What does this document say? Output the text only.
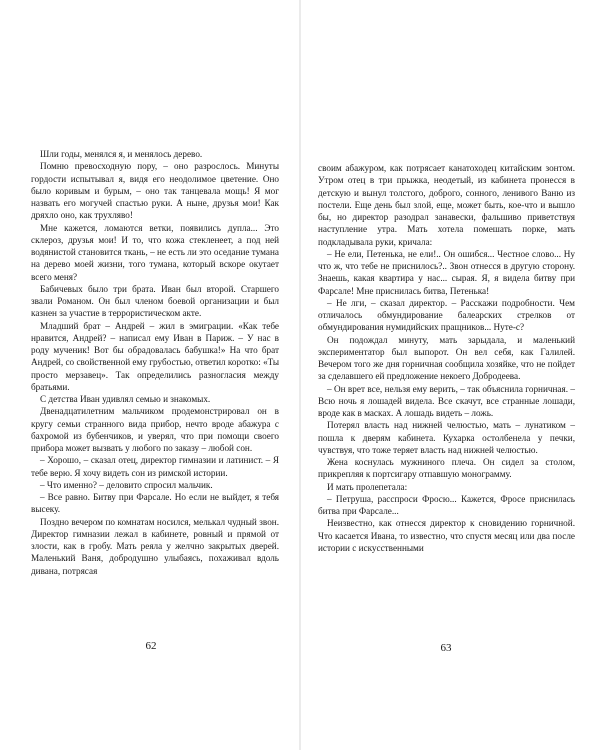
Шли годы, менялся я, и менялось дерево.

Помню превосходную пору, – оно разрослось. Минуты гордости испытывал я, видя его неодолимое цветение. Оно было коривым и бурым, – оно так танцевала мощь! Я мог назвать его могучей спастью руки. А ныне, друзья мои! Как дряхло оно, как трухляво!

Мне кажется, ломаются ветки, появились дупла... Это склероз, друзья мои! И то, что кожа стекленеет, а под ней водянистой становится ткань, – не есть ли это оседание тумана на дерево моей жизни, того тумана, который вскоре окутает всего меня?

Бабичевых было три брата. Иван был второй. Старшего звали Романом. Он был членом боевой организации и был казнен за участие в террористическом акте.

Младший брат – Андрей – жил в эмиграции. «Как тебе нравится, Андрей? – написал ему Иван в Париж. – У нас в роду мученик! Вот бы обрадовалась бабушка!» На что брат Андрей, со свойственной ему грубостью, ответил коротко: «Ты просто мерзавец». Так определились разногласия между братьями.

С детства Иван удивлял семью и знакомых.

Двенадцатилетним мальчиком продемонстрировал он в кругу семьи странного вида прибор, нечто вроде абажура с бахромой из бубенчиков, и уверял, что при помощи своего прибора может вызвать у любого по заказу – любой сон.

– Хорошо, – сказал отец, директор гимназии и латинист. – Я тебе верю. Я хочу видеть сон из римской истории.

– Что именно? – деловито спросил мальчик.

– Все равно. Битву при Фарсале. Но если не выйдет, я тебя высеку.

Поздно вечером по комнатам носился, мелькал чудный звон. Директор гимназии лежал в кабинете, ровный и прямой от злости, как в гробу. Мать реяла у желчно закрытых дверей. Маленький Ваня, добродушно улыбаясь, похаживал вдоль дивана, потрясая

62

своим абажуром, как потрясает канатоходец китайским зонтом. Утром отец в три прыжка, неодетый, из кабинета пронесся в детскую и вынул толстого, доброго, сонного, ленивого Ваню из постели. Еще день был злой, еще, может быть, кое-что и вышло бы, но директор разодрал занавески, фальшиво приветствуя наступление утра. Мать хотела помешать порке, мать подкладывала руки, кричала:

– Не ели, Петенька, не ели!.. Он ошибся... Честное слово... Ну что ж, что тебе не приснилось?.. Звон отнесся в другую сторону. Знаешь, какая квартира у нас... сырая. Я, я видела битву при Фарсале! Мне приснилась битва, Петенька!

– Не лги, – сказал директор. – Расскажи подробности. Чем отличалось обмундирование балеарских стрелков от обмундирования нумидийских пращников... Нуте-с?

Он подождал минуту, мать зарыдала, и маленький экспериментатор был выпорот. Он вел себя, как Галилей. Вечером того же дня горничная сообщила хозяйке, что не пойдет за сделавшего ей предложение некоего Добродеева.

– Он врет все, нельзя ему верить, – так объяснила горничная. – Всю ночь я лошадей видела. Все скачут, все странные лошади, вроде как в масках. А лошадь видеть – ложь.

Потерял власть над нижней челюстью, мать – лунатиком – пошла к дверям кабинета. Кухарка остолбенела у печки, чувствуя, что тоже теряет власть над нижней челюстью.

Жена коснулась мужниного плеча. Он сидел за столом, прикрепляя к портсигару отпавшую монограмму.

И мать пролепетала:

– Петруша, расспроси Фросю... Кажется, Фросе приснилась битва при Фарсале...

Неизвестно, как отнесся директор к сновидению горничной. Что касается Ивана, то известно, что спустя месяц или два после истории с искусственными

63
